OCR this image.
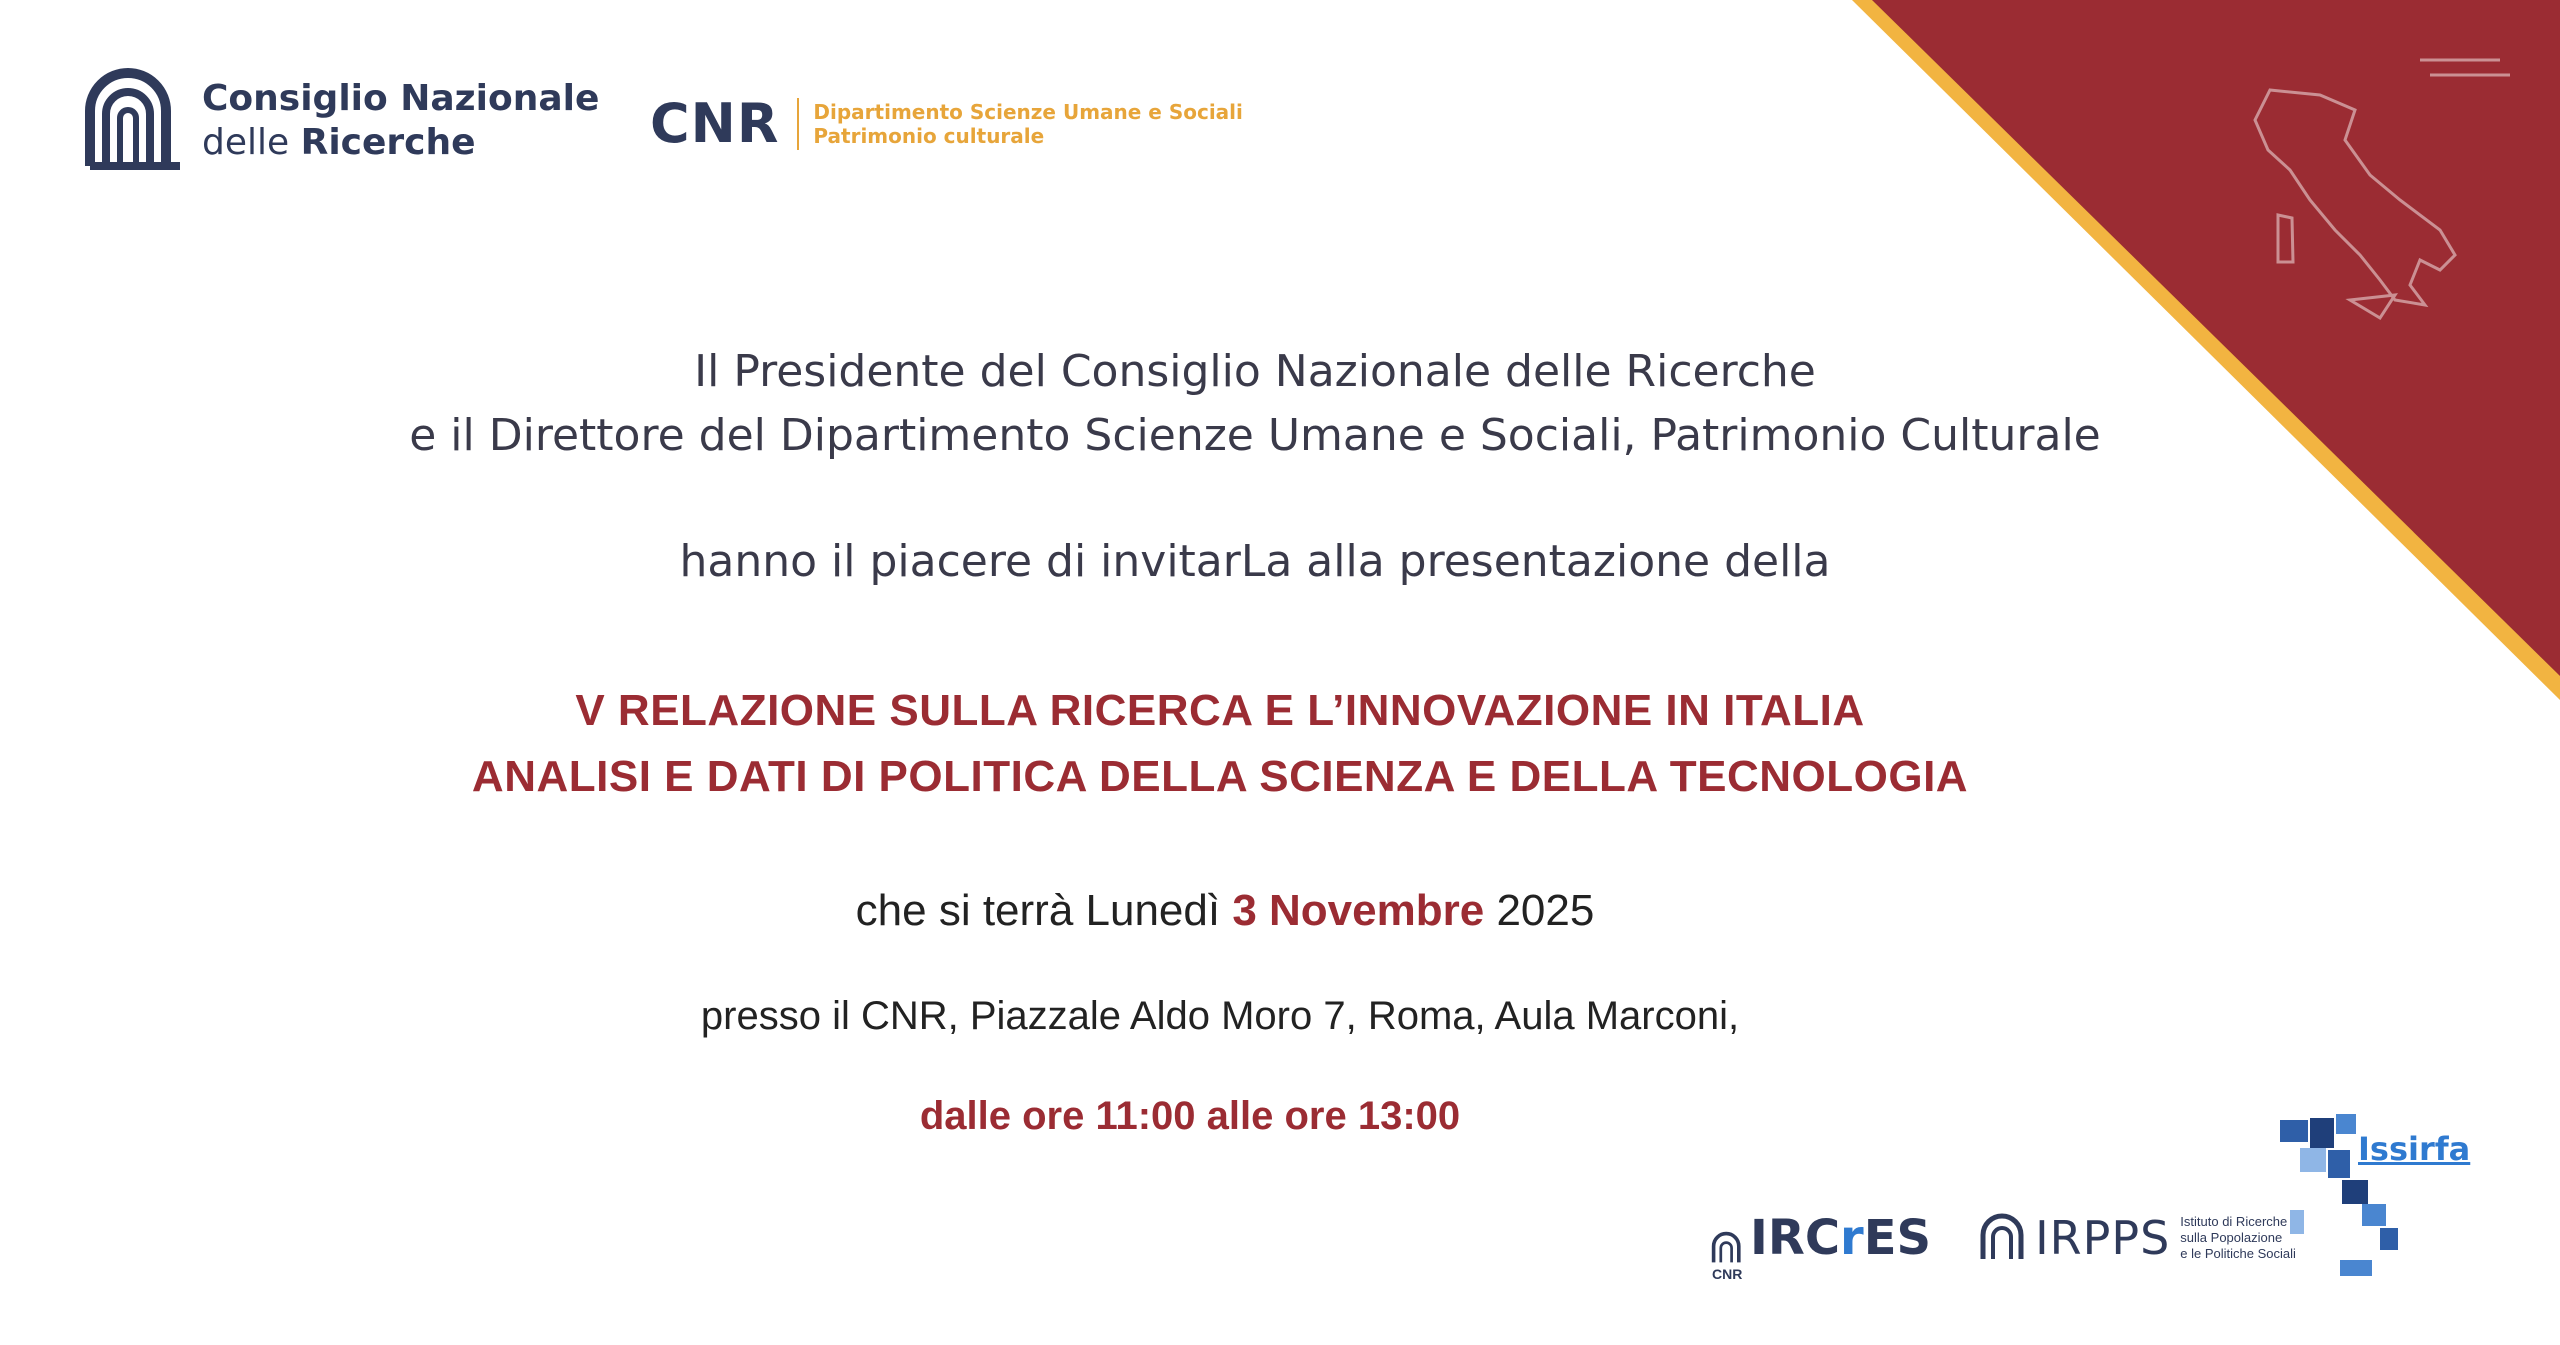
Consiglio Nazionale
delle Ricerche	CNR Dipartimento Scienze Umane e Sociali
Patrimonio culturale
Il Presidente del Consiglio Nazionale delle Ricerche
e il Direttore del Dipartimento Scienze Umane e Sociali, Patrimonio Culturale
hanno il piacere di invitarLa alla presentazione della
V RELAZIONE SULLA RICERCA E L’INNOVAZIONE IN ITALIA
ANALISI E DATI DI POLITICA DELLA SCIENZA E DELLA TECNOLOGIA
che si terrà Lunedì 3 Novembre 2025
presso il CNR, Piazzale Aldo Moro 7, Roma, Aula Marconi,
dalle ore 11:00 alle ore 13:00
CNR
IRCrES IRPPS Istituto di Ricerche
sulla Popolazione
e le Politiche Sociali
Issirfa
